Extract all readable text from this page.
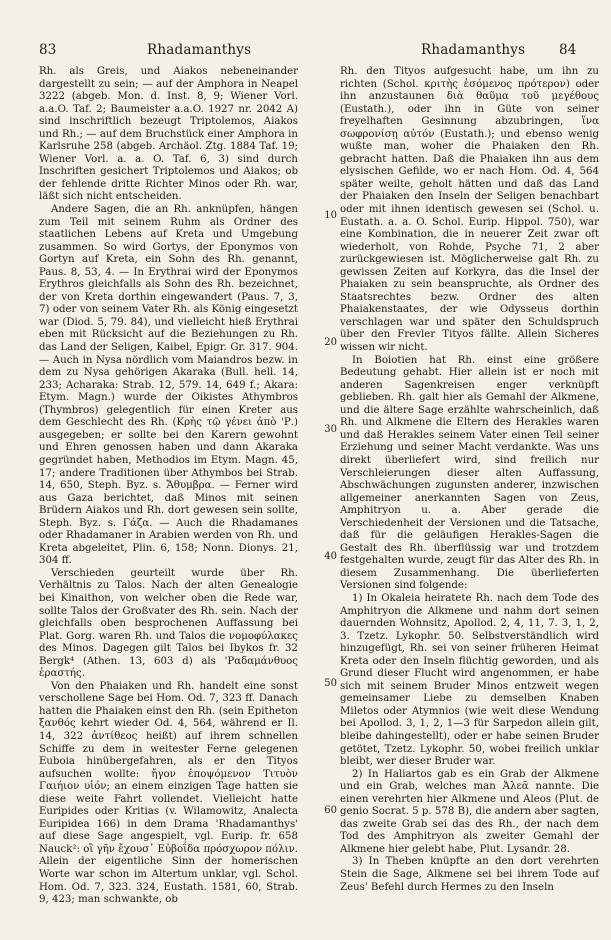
83	Rhadamanthys	Rhadamanthys	84

Rh. als Greis, und Aiakos nebeneinander dargestellt zu sein; — auf der Amphora in Neapel 3222 (abgeb. Mon. d. Inst. 8, 9; Wiener Vorl. a.a.O. Taf. 2; Baumeister a.a.O. 1927 nr. 2042 A) sind inschriftlich bezeugt Triptolemos, Aiakos und Rh.; — auf dem Bruchstück einer Amphora in Karlsruhe 258 (abgeb. Archäol. Ztg. 1884 Taf. 19; Wiener Vorl. a. a. O. Taf. 6, 3) sind durch Inschriften gesichert Triptolemos und Aiakos; ob der fehlende dritte Richter Minos oder Rh. war, läßt sich nicht entscheiden.

Andere Sagen, die an Rh. anknüpfen, hängen zum Teil mit seinem Ruhm als Ordner des staatlichen Lebens auf Kreta und Umgebung zusammen. So wird Gortys, der Eponymos von Gortyn auf Kreta, ein Sohn des Rh. genannt, Paus. 8, 53, 4. — In Erythrai wird der Eponymos Erythros gleichfalls als Sohn des Rh. bezeichnet, der von Kreta dorthin eingewandert (Paus. 7, 3, 7) oder von seinem Vater Rh. als König eingesetzt war (Diod. 5, 79. 84), und vielleicht hieß Erythrai eben mit Rücksicht auf die Beziehungen zu Rh. das Land der Seligen, Kaibel, Epigr. Gr. 317. 904. — Auch in Nysa nördlich vom Maiandros bezw. in dem zu Nysa gehörigen Akaraka (Bull. hell. 14, 233; Acharaka: Strab. 12, 579. 14, 649 f.; Akara: Etym. Magn.) wurde der Oikistes Athymbros (Thymbros) gelegentlich für einen Kreter aus dem Geschlecht des Rh. (Κρὴς τῷ γένει ἀπὸ 'Ρ.) ausgegeben; er sollte bei den Karern gewohnt und Ehren genossen haben und dann Akaraka gegründet haben, Methodios im Etym. Magn. 45, 17; andere Traditionen über Athymbos bei Strab. 14, 650, Steph. Byz. s. Ἄθυμβρα. — Ferner wird aus Gaza berichtet, daß Minos mit seinen Brüdern Aiakos und Rh. dort gewesen sein sollte, Steph. Byz. s. Γάζα. — Auch die Rhadamanes oder Rhadamaner in Arabien werden von Rh. und Kreta abgeleitet, Plin. 6, 158; Nonn. Dionys. 21, 304 ff.

Verschieden geurteilt wurde über Rh. Verhältnis zu Talos. Nach der alten Genealogie bei Kinaithon, von welcher oben die Rede war, sollte Talos der Großvater des Rh. sein. Nach der gleichfalls oben besprochenen Auffassung bei Plat. Gorg. waren Rh. und Talos die νομοφύλακες des Minos. Dagegen gilt Talos bei Ibykos fr. 32 Bergk⁴ (Athen. 13, 603 d) als 'Ραδαμάνθυος ἐραστής.

Von den Phaiaken und Rh. handelt eine sonst verschollene Sage bei Hom. Od. 7, 323 ff. Danach hatten die Phaiaken einst den Rh. (sein Epitheton ξανθός kehrt wieder Od. 4, 564, während er Il. 14, 322 ἀντίθεος heißt) auf ihrem schnellen Schiffe zu dem in weitester Ferne gelegenen Euboia hinübergefahren, als er den Tityos aufsuchen wollte: ἤγον ἐποψόμενον Τιτυὸν Γαιήιον υἱόν; an einem einzigen Tage hatten sie diese weite Fahrt vollendet. Vielleicht hatte Euripides oder Kritias (v. Wilamowitz, Analecta Euripidea 166) in dem Drama 'Rhadamanthys' auf diese Sage angespielt, vgl. Eurip. fr. 658 Nauck²: οἳ γῆν ἔχουσ᾽ Εὐβοΐδα πρόσχωρον πόλιν. Allein der eigentliche Sinn der homerischen Worte war schon im Altertum unklar, vgl. Schol. Hom. Od. 7, 323. 324, Eustath. 1581, 60, Strab. 9, 423; man schwankte, ob

10
20
30
40
50
60

Rh. den Tityos aufgesucht habe, um ihn zu richten (Schol. κριτὴς ἐσόμενος πρότερον) oder ihn anzustaunen διὰ θαῦμα τοῦ μεγέθους (Eustath.), oder ihn in Güte von seiner freyelhaften Gesinnung abzubringen, ἵνα σωφρονίσῃ αὐτόν (Eustath.); und ebenso wenig wußte man, woher die Phaiaken den Rh. gebracht hatten. Daß die Phaiaken ihn aus dem elysischen Gefilde, wo er nach Hom. Od. 4, 564 später weilte, geholt hätten und daß das Land der Phaiaken den Inseln der Seligen benachbart oder mit ihnen identisch gewesen sei (Schol. u. Eustath. a. a. O. Schol. Eurip. Hippol. 750), war eine Kombination, die in neuerer Zeit zwar oft wiederholt, von Rohde, Psyche 71, 2 aber zurückgewiesen ist. Möglicherweise galt Rh. zu gewissen Zeiten auf Korkyra, das die Insel der Phaiaken zu sein beanspruchte, als Ordner des Staatsrechtes bezw. Ordner des alten Phaiakenstaates, der wie Odysseus dorthin verschlagen war und später den Schuldspruch über den Frevler Tityos fällte. Allein Sicheres wissen wir nicht.

In Boiotien hat Rh. einst eine größere Bedeutung gehabt. Hier allein ist er noch mit anderen Sagenkreisen enger verknüpft geblieben. Rh. galt hier als Gemahl der Alkmene, und die ältere Sage erzählte wahrscheinlich, daß Rh. und Alkmene die Eltern des Herakles waren und daß Herakles seinem Vater einen Teil seiner Erziehung und seiner Macht verdankte. Was uns direkt überliefert wird, sind freilich nur Verschleierungen dieser alten Auffassung, Abschwächungen zugunsten anderer, inzwischen allgemeiner anerkannten Sagen von Zeus, Amphitryon u. a. Aber gerade die Verschiedenheit der Versionen und die Tatsache, daß für die geläufigen Herakles-Sagen die Gestalt des Rh. überflüssig war und trotzdem festgehalten wurde, zeugt für das Alter des Rh. in diesem Zusammenhang. Die überlieferten Versionen sind folgende:

1) In Okaleia heiratete Rh. nach dem Tode des Amphitryon die Alkmene und nahm dort seinen dauernden Wohnsitz, Apollod. 2, 4, 11, 7. 3, 1, 2, 3. Tzetz. Lykophr. 50. Selbstverständlich wird hinzugefügt, Rh. sei von seiner früheren Heimat Kreta oder den Inseln flüchtig geworden, und als Grund dieser Flucht wird angenommen, er habe sich mit seinem Bruder Minos entzweit wegen gemeinsamer Liebe zu demselben Knaben Miletos oder Atymnios (wie weit diese Wendung bei Apollod. 3, 1, 2, 1—3 für Sarpedon allein gilt, bleibe dahingestellt), oder er habe seinen Bruder getötet, Tzetz. Lykophr. 50, wobei freilich unklar bleibt, wer dieser Bruder war.

2) In Haliartos gab es ein Grab der Alkmene und ein Grab, welches man Ἀλεᾶ nannte. Die einen verehrten hier Alkmene und Aleos (Plut. de genio Socrat. 5 p. 578 B), die andern aber sagten, das zweite Grab sei das des Rh., der nach dem Tod des Amphitryon als zweiter Gemahl der Alkmene hier gelebt habe, Plut. Lysandr. 28.

3) In Theben knüpfte an den dort verehrten Stein die Sage, Alkmene sei bei ihrem Tode auf Zeus' Befehl durch Hermes zu den Inseln
